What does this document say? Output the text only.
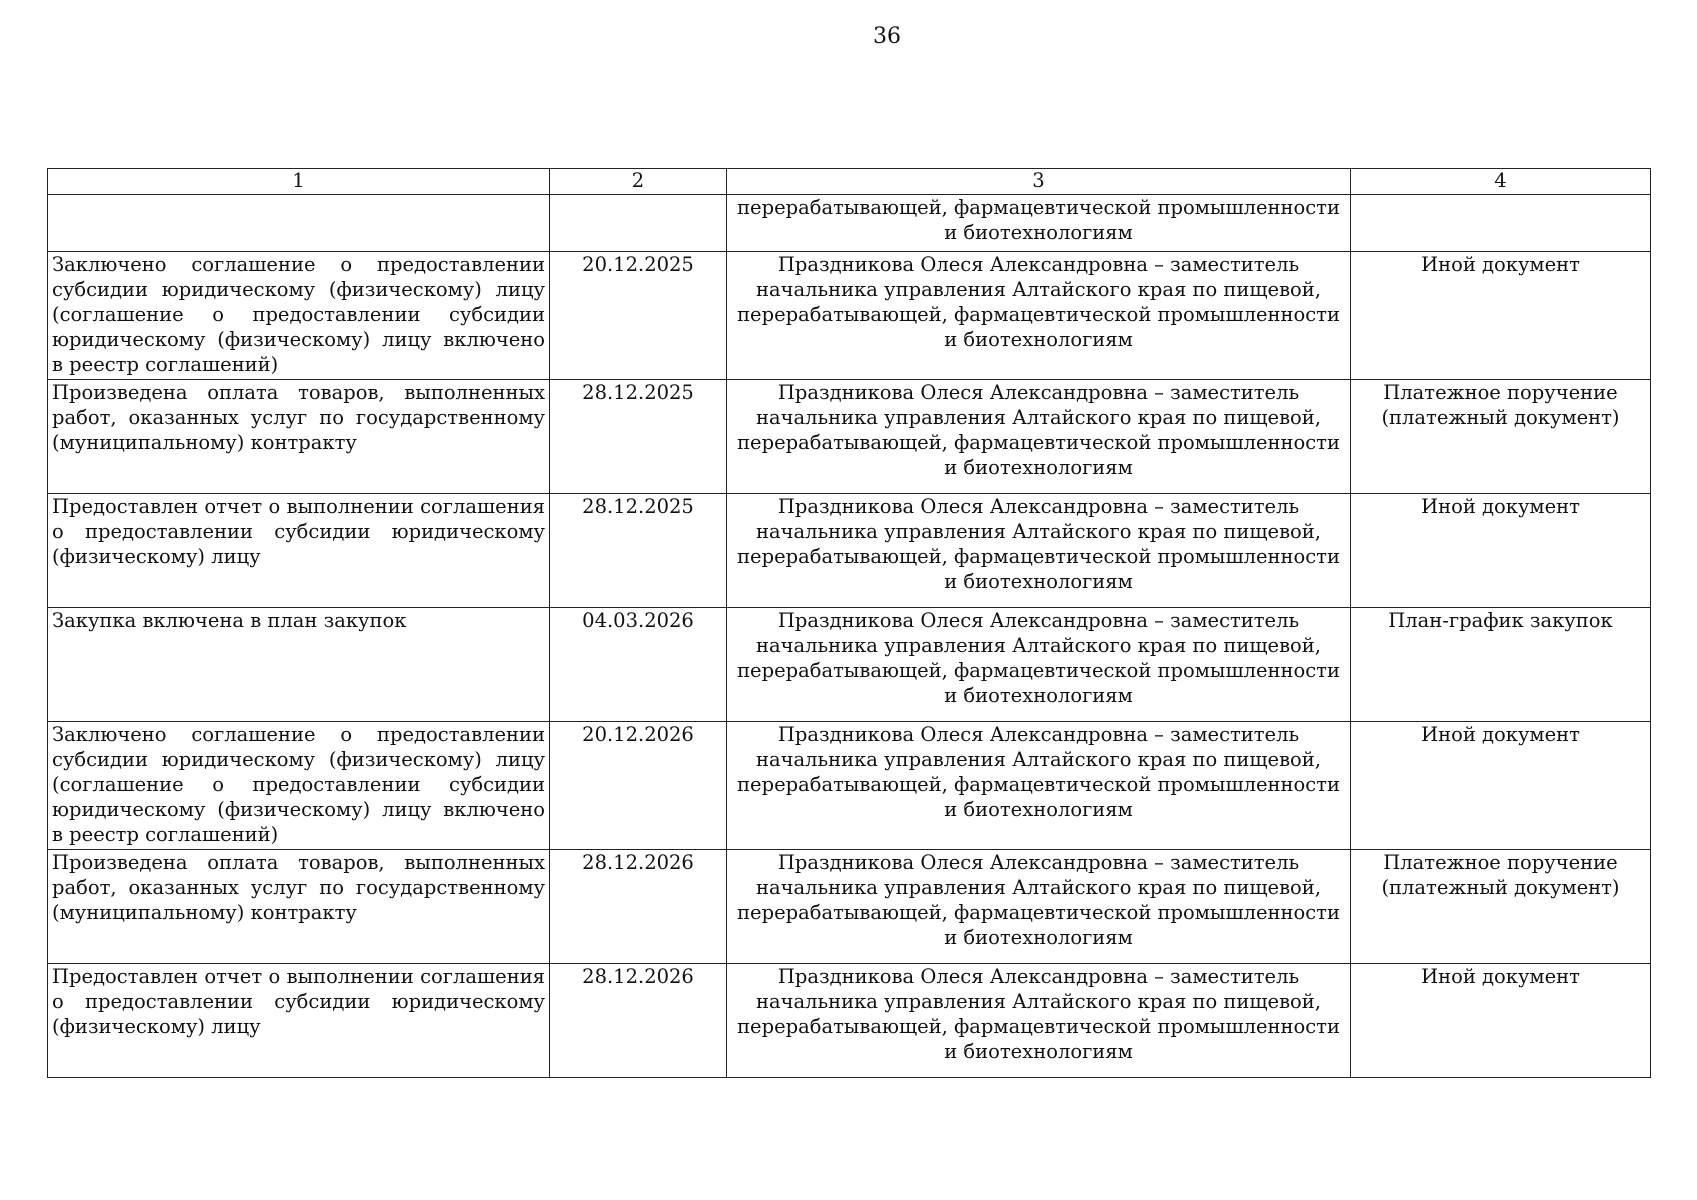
36
1	2	3	4
		перерабатывающей, фармацевтической промышленности и биотехнологиям	
Заключено соглашение о предоставлении субсидии юридическому (физическому) лицу (соглашение о предоставлении субсидии юридическому (физическому) лицу включено в реестр соглашений)	20.12.2025	Праздникова Олеся Александровна – заместитель начальника управления Алтайского края по пищевой, перерабатывающей, фармацевтической промышленности и биотехнологиям	Иной документ
Произведена оплата товаров, выполненных работ, оказанных услуг по государственному (муниципальному) контракту	28.12.2025	Праздникова Олеся Александровна – заместитель начальника управления Алтайского края по пищевой, перерабатывающей, фармацевтической промышленности и биотехнологиям	Платежное поручение (платежный документ)
Предоставлен отчет о выполнении соглашения о предоставлении субсидии юридическому (физическому) лицу	28.12.2025	Праздникова Олеся Александровна – заместитель начальника управления Алтайского края по пищевой, перерабатывающей, фармацевтической промышленности и биотехнологиям	Иной документ
Закупка включена в план закупок	04.03.2026	Праздникова Олеся Александровна – заместитель начальника управления Алтайского края по пищевой, перерабатывающей, фармацевтической промышленности и биотехнологиям	План-график закупок
Заключено соглашение о предоставлении субсидии юридическому (физическому) лицу (соглашение о предоставлении субсидии юридическому (физическому) лицу включено в реестр соглашений)	20.12.2026	Праздникова Олеся Александровна – заместитель начальника управления Алтайского края по пищевой, перерабатывающей, фармацевтической промышленности и биотехнологиям	Иной документ
Произведена оплата товаров, выполненных работ, оказанных услуг по государственному (муниципальному) контракту	28.12.2026	Праздникова Олеся Александровна – заместитель начальника управления Алтайского края по пищевой, перерабатывающей, фармацевтической промышленности и биотехнологиям	Платежное поручение (платежный документ)
Предоставлен отчет о выполнении соглашения о предоставлении субсидии юридическому (физическому) лицу	28.12.2026	Праздникова Олеся Александровна – заместитель начальника управления Алтайского края по пищевой, перерабатывающей, фармацевтической промышленности и биотехнологиям	Иной документ
